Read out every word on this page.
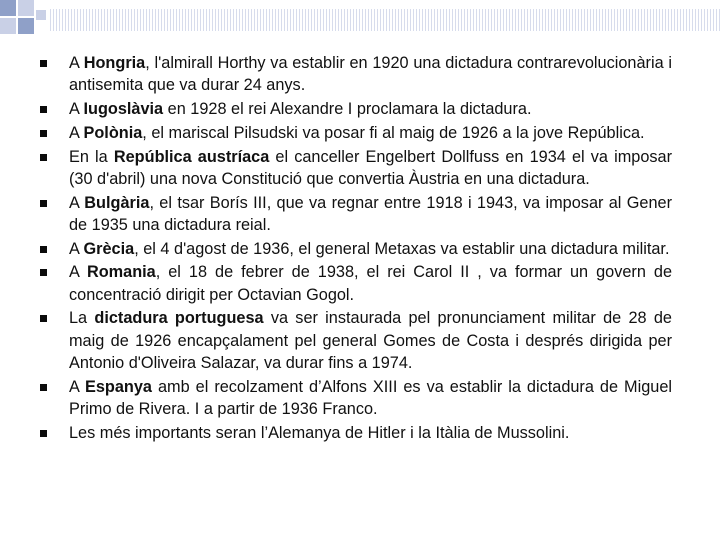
A Hongria, l'almirall Horthy va establir en 1920 una dictadura contrarevolucionària i antisemita que va durar 24 anys.
A Iugoslàvia en 1928 el rei Alexandre I proclamara la dictadura.
A Polònia, el mariscal Pilsudski va posar fi al maig de 1926 a la jove República.
En la República austríaca el canceller Engelbert Dollfuss en 1934 el va imposar (30 d'abril) una nova Constitució que convertia Àustria en una dictadura.
A Bulgària, el tsar Borís III, que va regnar entre 1918 i 1943, va imposar al Gener de 1935 una dictadura reial.
A Grècia, el 4 d'agost de 1936, el general Metaxas va establir una dictadura militar.
A Romania, el 18 de febrer de 1938, el rei Carol II , va formar un govern de concentració dirigit per Octavian Gogol.
La dictadura portuguesa va ser instaurada pel pronunciament militar de 28 de maig de 1926 encapçalament pel general Gomes de Costa i després dirigida per Antonio d'Oliveira Salazar, va durar fins a 1974.
A Espanya amb el recolzament d’Alfons XIII es va establir la dictadura de Miguel Primo de Rivera. I a partir de 1936 Franco.
Les més importants seran l’Alemanya de Hitler i la Itàlia de Mussolini.
